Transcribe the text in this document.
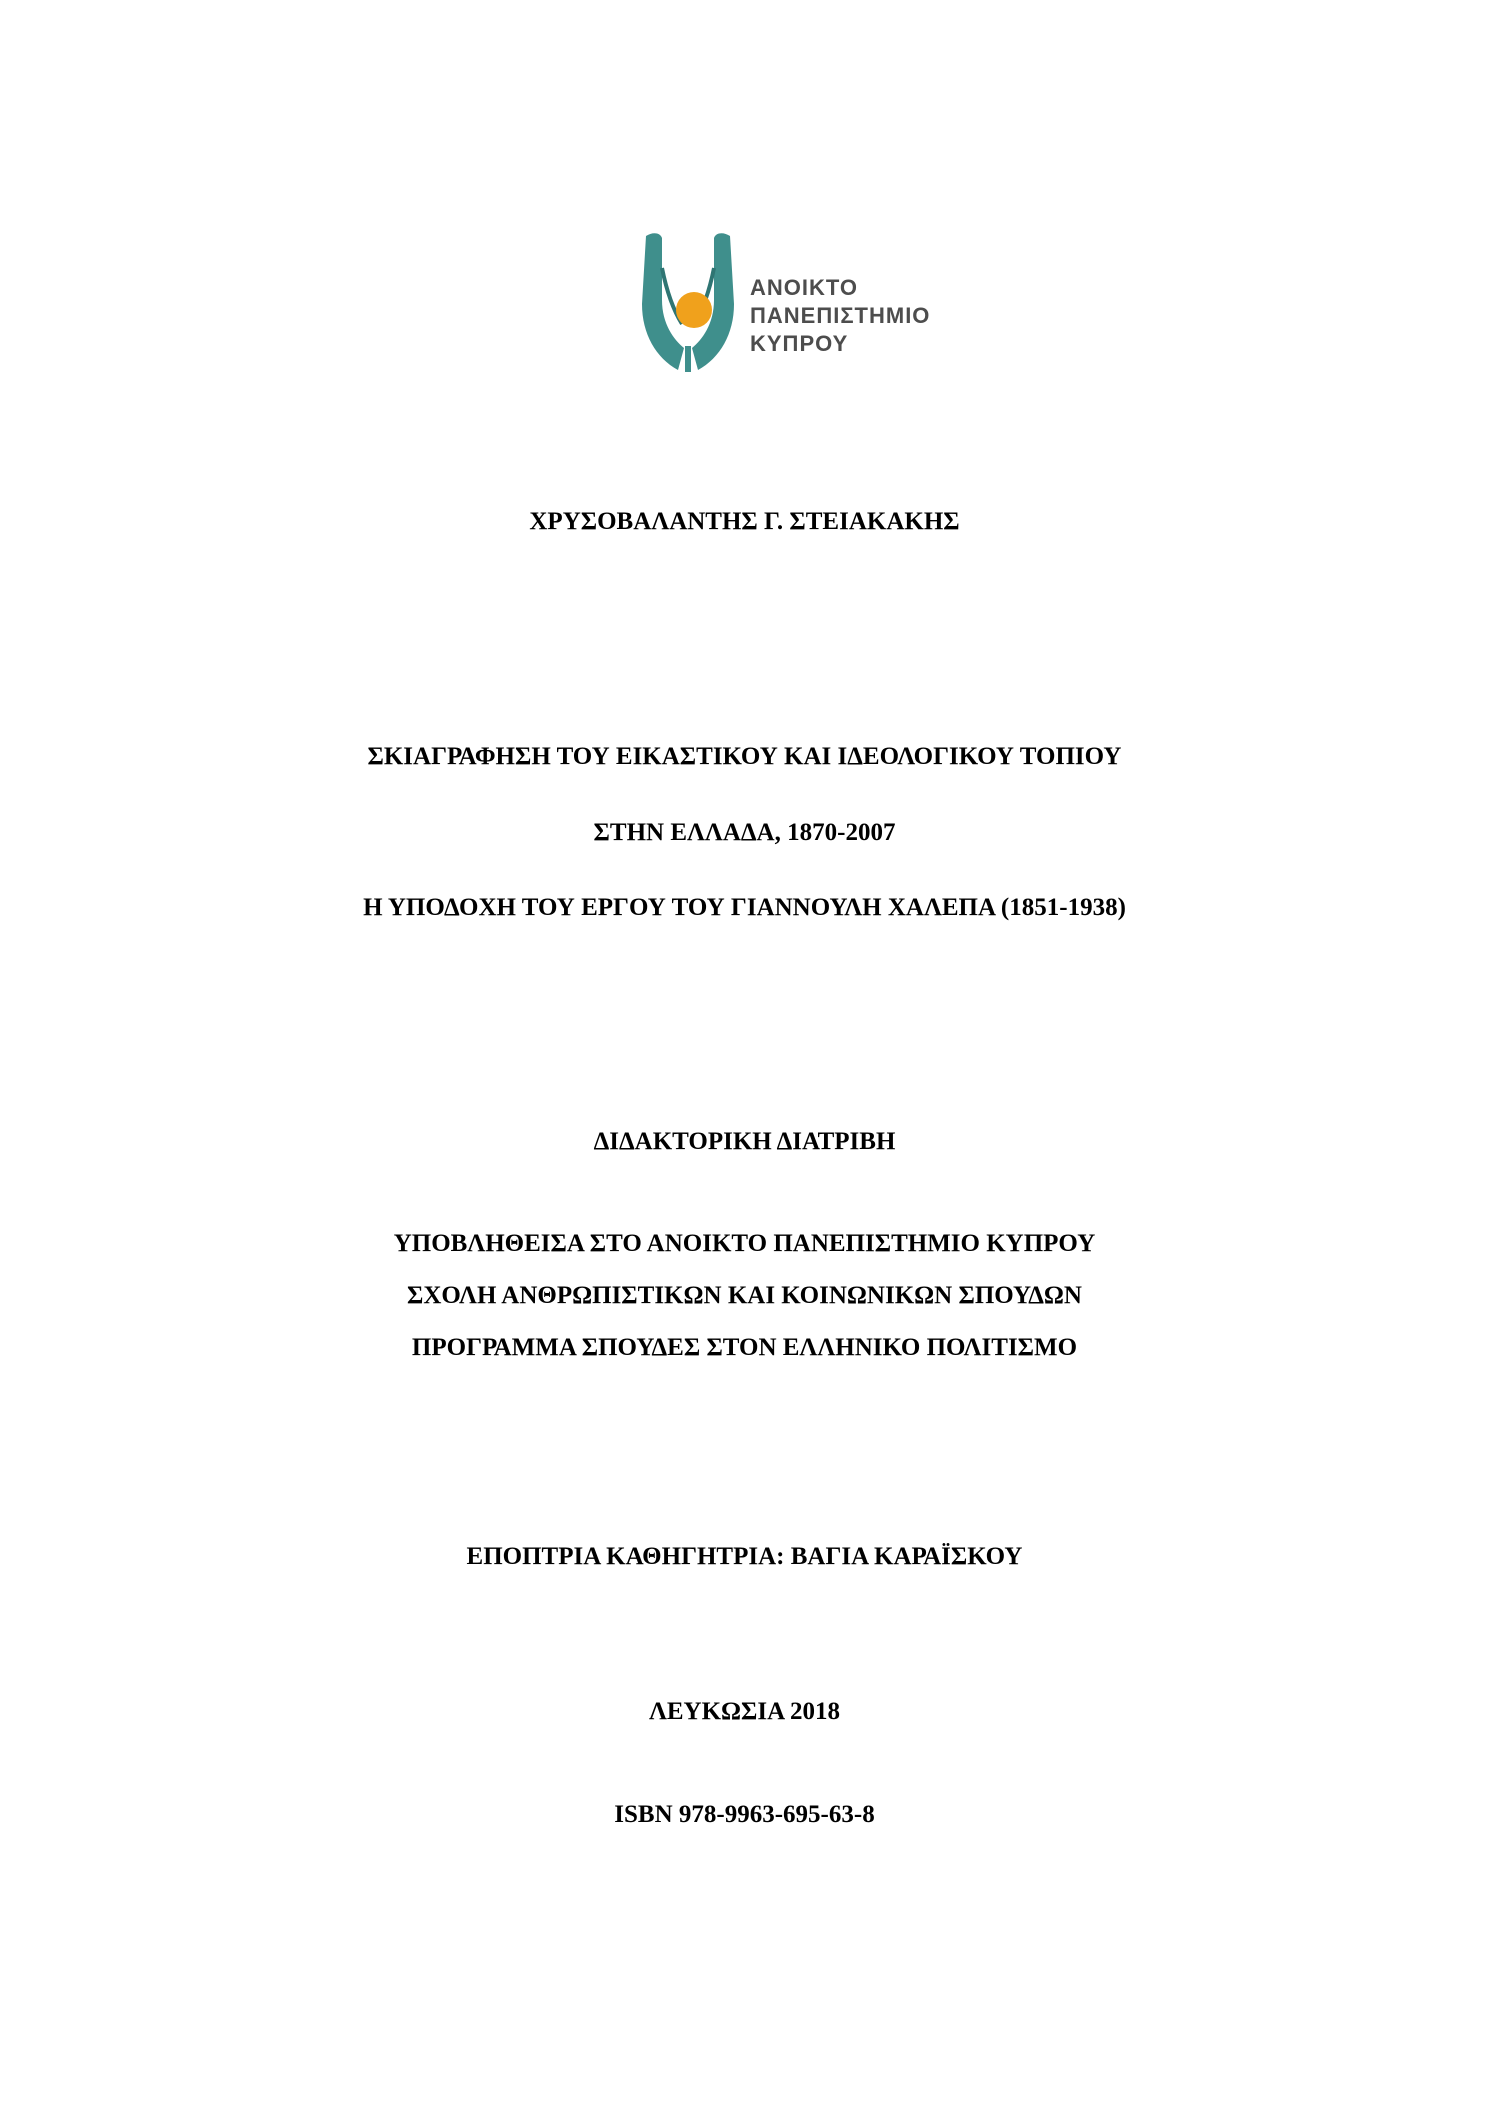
ΑΝΟΙΚΤΟ
ΠΑΝΕΠΙΣΤΗΜΙΟ
ΚΥΠΡΟΥ
ΧΡΥΣΟΒΑΛΑΝΤΗΣ Γ. ΣΤΕΙΑΚΑΚΗΣ
ΣΚΙΑΓΡΑΦΗΣΗ ΤΟΥ ΕΙΚΑΣΤΙΚΟΥ ΚΑΙ ΙΔΕΟΛΟΓΙΚΟΥ ΤΟΠΙΟΥ
ΣΤΗΝ ΕΛΛΑΔΑ, 1870-2007
Η ΥΠΟΔΟΧΗ ΤΟΥ ΕΡΓΟΥ ΤΟΥ ΓΙΑΝΝΟΥΛΗ ΧΑΛΕΠΑ (1851-1938)
ΔΙΔΑΚΤΟΡΙΚΗ ΔΙΑΤΡΙΒΗ
ΥΠΟΒΛΗΘΕΙΣΑ ΣΤΟ ΑΝΟΙΚΤΟ ΠΑΝΕΠΙΣΤΗΜΙΟ ΚΥΠΡΟΥ
ΣΧΟΛΗ ΑΝΘΡΩΠΙΣΤΙΚΩΝ ΚΑΙ ΚΟΙΝΩΝΙΚΩΝ ΣΠΟΥΔΩΝ
ΠΡΟΓΡΑΜΜΑ ΣΠΟΥΔΕΣ ΣΤΟΝ ΕΛΛΗΝΙΚΟ ΠΟΛΙΤΙΣΜΟ
ΕΠΟΠΤΡΙΑ ΚΑΘΗΓΗΤΡΙΑ: ΒΑΓΙΑ ΚΑΡΑΪΣΚΟΥ
ΛΕΥΚΩΣΙΑ 2018
ISBN 978-9963-695-63-8
